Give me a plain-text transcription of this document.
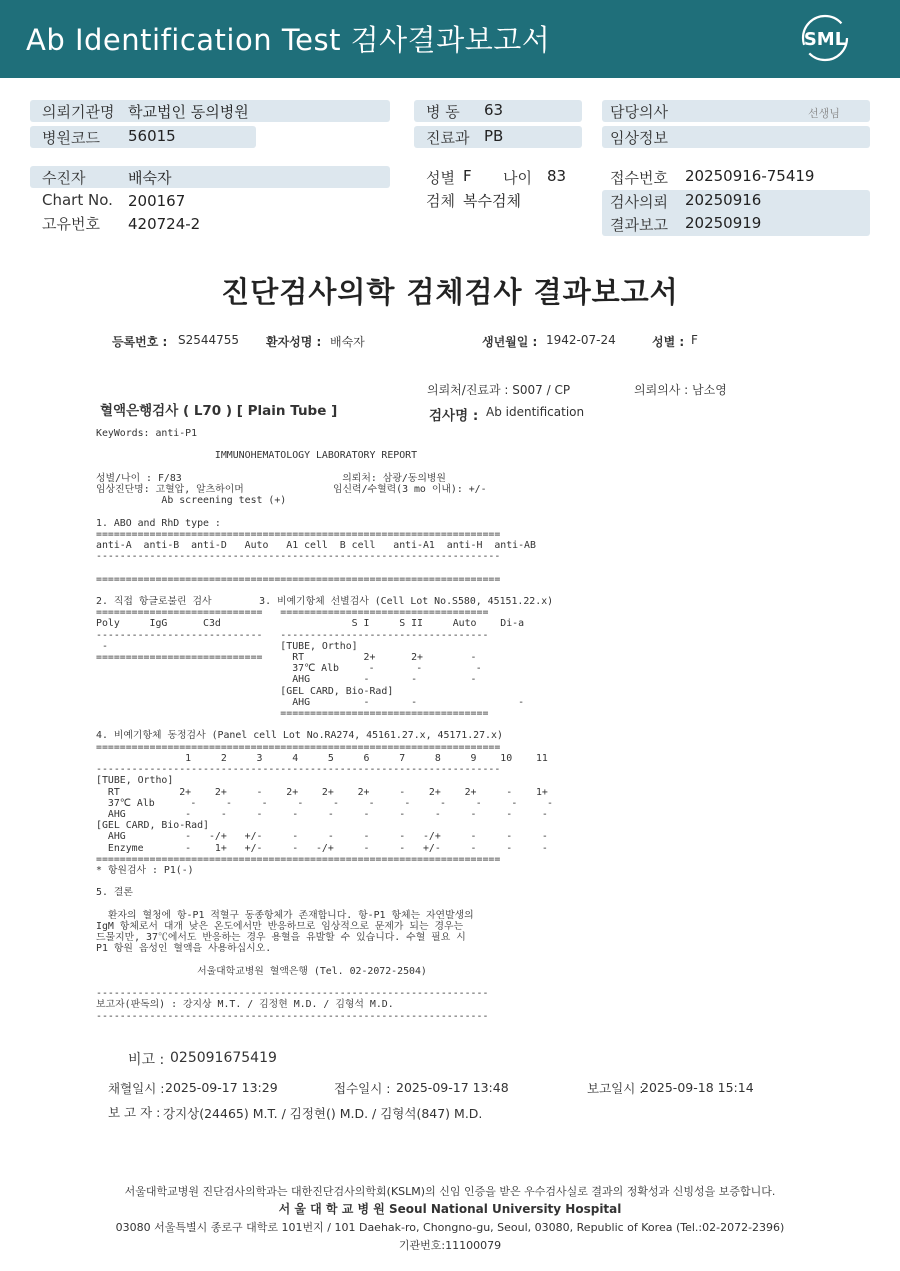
Ab Identification Test 검사결과보고서	SML
의뢰기관명 학교법인 동의병원
병원코드 56015
병 동 63
진료과 PB
담당의사	선생님
임상정보
수진자	배숙자
Chart No. 200167
고유번호 420724-2
성별 F 나이 83
검체 복수검체
접수번호 20250916-75419
검사의뢰 20250916
결과보고 20250919
진단검사의학 검체검사 결과보고서
등록번호 : S2544755 환자성명 : 배숙자	생년월일 : 1942-07-24	성별 : F
의뢰처/진료과 : S007 / CP	의뢰의사 : 남소영
혈액은행검사 ( L70 ) [ Plain Tube ]	검사명 : Ab identification
KeyWords: anti-P1

IMMUNOHEMATOLOGY LABORATORY REPORT

성별/나이 : F/83                           의뢰처: 삼광/동의병원
임상진단명: 고혈압, 알츠하이머               임신력/수혈력(3 mo 이내): +/-
Ab screening test (+)

1. ABO and RhD type :
====================================================================
anti-A  anti-B  anti-D   Auto   A1 cell  B cell   anti-A1  anti-H  anti-AB
--------------------------------------------------------------------

====================================================================

2. 직접 항글로불린 검사        3. 비예기항체 선별검사 (Cell Lot No.S580, 45151.22.x)
============================   ===================================
Poly     IgG      C3d                      S I     S II     Auto    Di-a
----------------------------   -----------------------------------
-                             [TUBE, Ortho]
============================     RT          2+      2+        -
37℃ Alb     -       -         -
AHG         -       -         -
[GEL CARD, Bio-Rad]
AHG         -       -                 -
===================================

4. 비예기항체 동정검사 (Panel cell Lot No.RA274, 45161.27.x, 45171.27.x)
====================================================================
1     2     3     4     5     6     7     8     9    10    11
--------------------------------------------------------------------
[TUBE, Ortho]
RT          2+    2+     -    2+    2+    2+     -    2+    2+     -    1+
37℃ Alb      -     -     -     -     -     -     -     -     -     -     -
AHG          -     -     -     -     -     -     -     -     -     -     -
[GEL CARD, Bio-Rad]
AHG          -   -/+   +/-     -     -     -     -   -/+     -     -     -
Enzyme       -    1+   +/-     -   -/+     -     -   +/-     -     -     -
====================================================================
* 항원검사 : P1(-)

5. 결론

환자의 혈청에 항-P1 적혈구 동종항체가 존재합니다. 항-P1 항체는 자연발생의
IgM 항체로서 대개 낮은 온도에서만 반응하므로 임상적으로 문제가 되는 경우는
드물지만, 37℃에서도 반응하는 경우 용혈을 유발할 수 있습니다. 수혈 필요 시
P1 항원 음성인 혈액을 사용하십시오.

서울대학교병원 혈액은행 (Tel. 02-2072-2504)

------------------------------------------------------------------
보고자(판독의) : 강지상 M.T. / 김정현 M.D. / 김형석 M.D.
------------------------------------------------------------------
비고 : 025091675419
채혈일시 : 2025-09-17 13:29	접수일시 : 2025-09-17 13:48	보고일시 :
2025-09-18 15:14
보 고 자 : 강지상(24465) M.T. / 김정현() M.D. / 김형석(847) M.D.
서울대학교병원 진단검사의학과는 대한진단검사의학회(KSLM)의 신임 인증을 받은 우수검사실로 결과의 정확성과 신빙성을 보증합니다.
서 울 대 학 교 병 원 Seoul National University Hospital
03080 서울특별시 종로구 대학로 101번지 / 101 Daehak-ro, Chongno-gu, Seoul, 03080, Republic of Korea (Tel.:02-2072-2396)
기관번호:11100079
